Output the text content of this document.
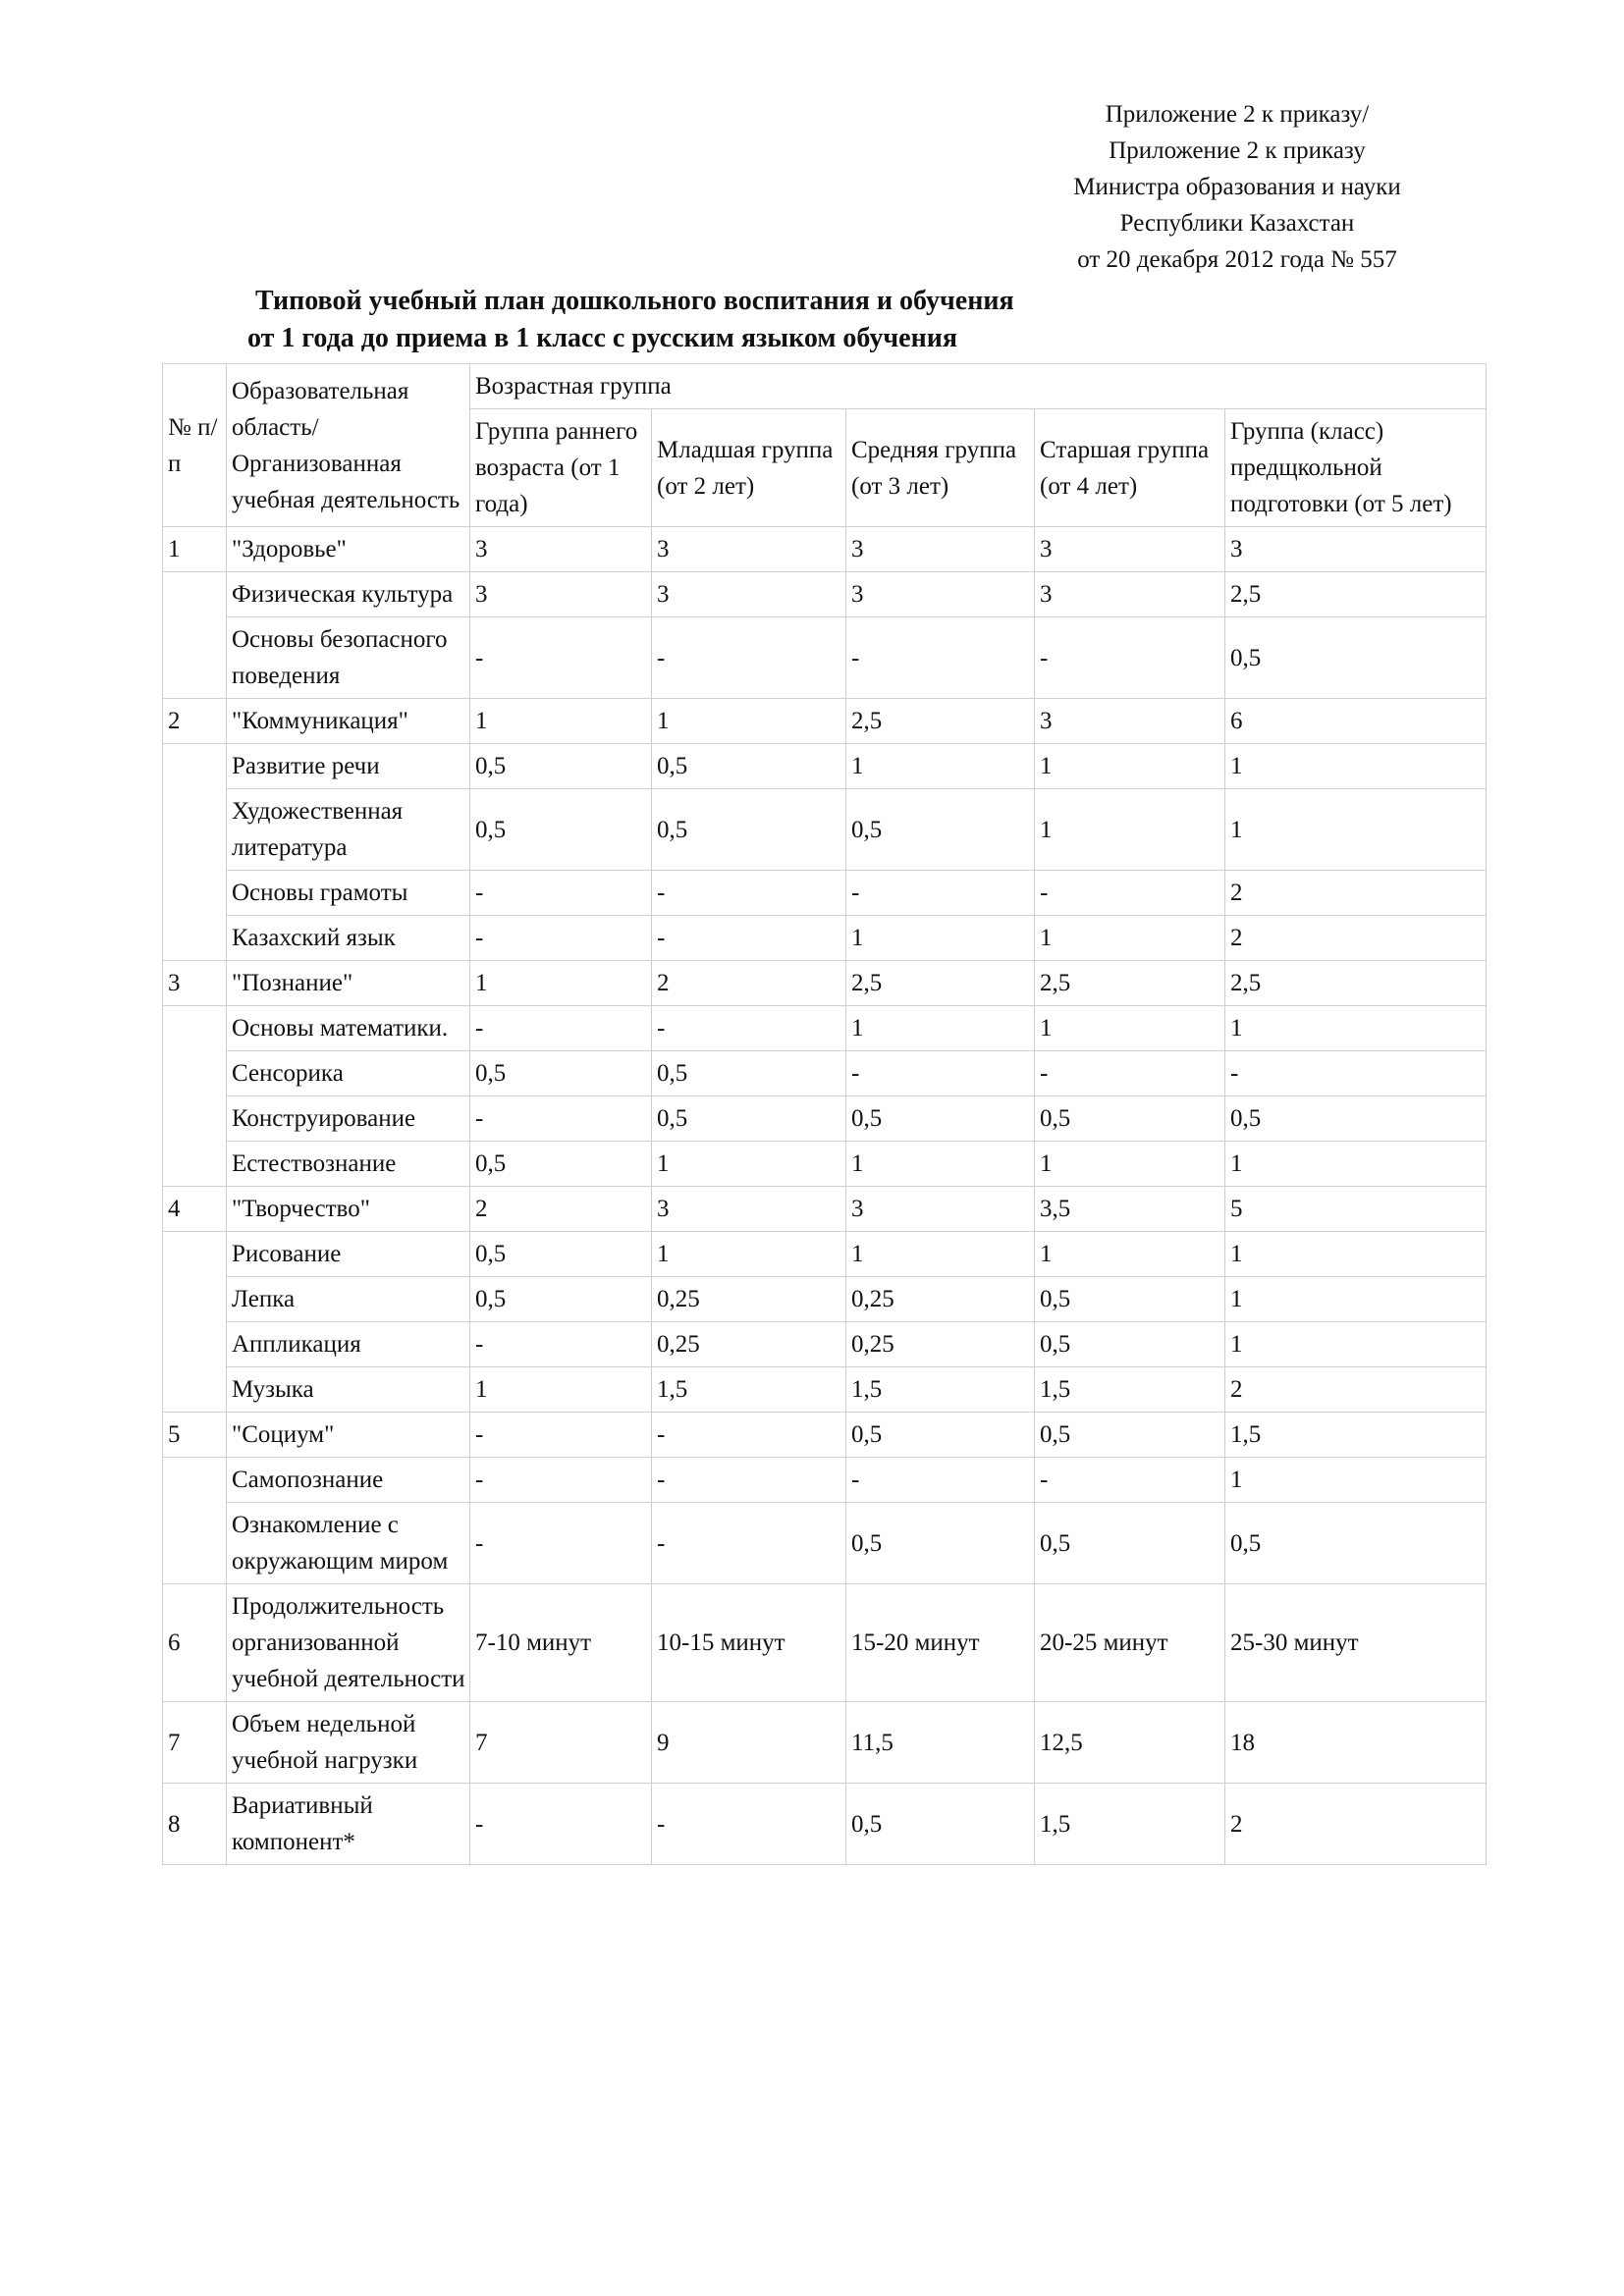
Приложение 2 к приказу/
Приложение 2 к приказу
Министра образования и науки
Республики Казахстан
от 20 декабря 2012 года № 557
Типовой учебный план дошкольного воспитания и обучения
от 1 года до приема в 1 класс с русским языком обучения
№ п/п	Образовательная область/ Организованная учебная деятельность	Возрастная группа				
		Группа раннего возраста (от 1 года)	Младшая группа (от 2 лет)	Средняя группа (от 3 лет)	Старшая группа (от 4 лет)	Группа (класс) предщкольной подготовки (от 5 лет)
1	"Здоровье"	3	3	3	3	3
	Физическая культура	3	3	3	3	2,5
	Основы безопасного поведения	-	-	-	-	0,5
2	"Коммуникация"	1	1	2,5	3	6
	Развитие речи	0,5	0,5	1	1	1
	Художественная литература	0,5	0,5	0,5	1	1
	Основы грамоты	-	-	-	-	2
	Казахский язык	-	-	1	1	2
3	"Познание"	1	2	2,5	2,5	2,5
	Основы математики.	-	-	1	1	1
	Сенсорика	0,5	0,5	-	-	-
	Конструирование	-	0,5	0,5	0,5	0,5
	Естествознание	0,5	1	1	1	1
4	"Творчество"	2	3	3	3,5	5
	Рисование	0,5	1	1	1	1
	Лепка	0,5	0,25	0,25	0,5	1
	Аппликация	-	0,25	0,25	0,5	1
	Музыка	1	1,5	1,5	1,5	2
5	"Социум"	-	-	0,5	0,5	1,5
	Самопознание	-	-	-	-	1
	Ознакомление с окружающим миром	-	-	0,5	0,5	0,5
6	Продолжительность организованной учебной деятельности	7-10 минут	10-15 минут	15-20 минут	20-25 минут	25-30 минут
7	Объем недельной учебной нагрузки	7	9	11,5	12,5	18
8	Вариативный компонент*	-	-	0,5	1,5	2
